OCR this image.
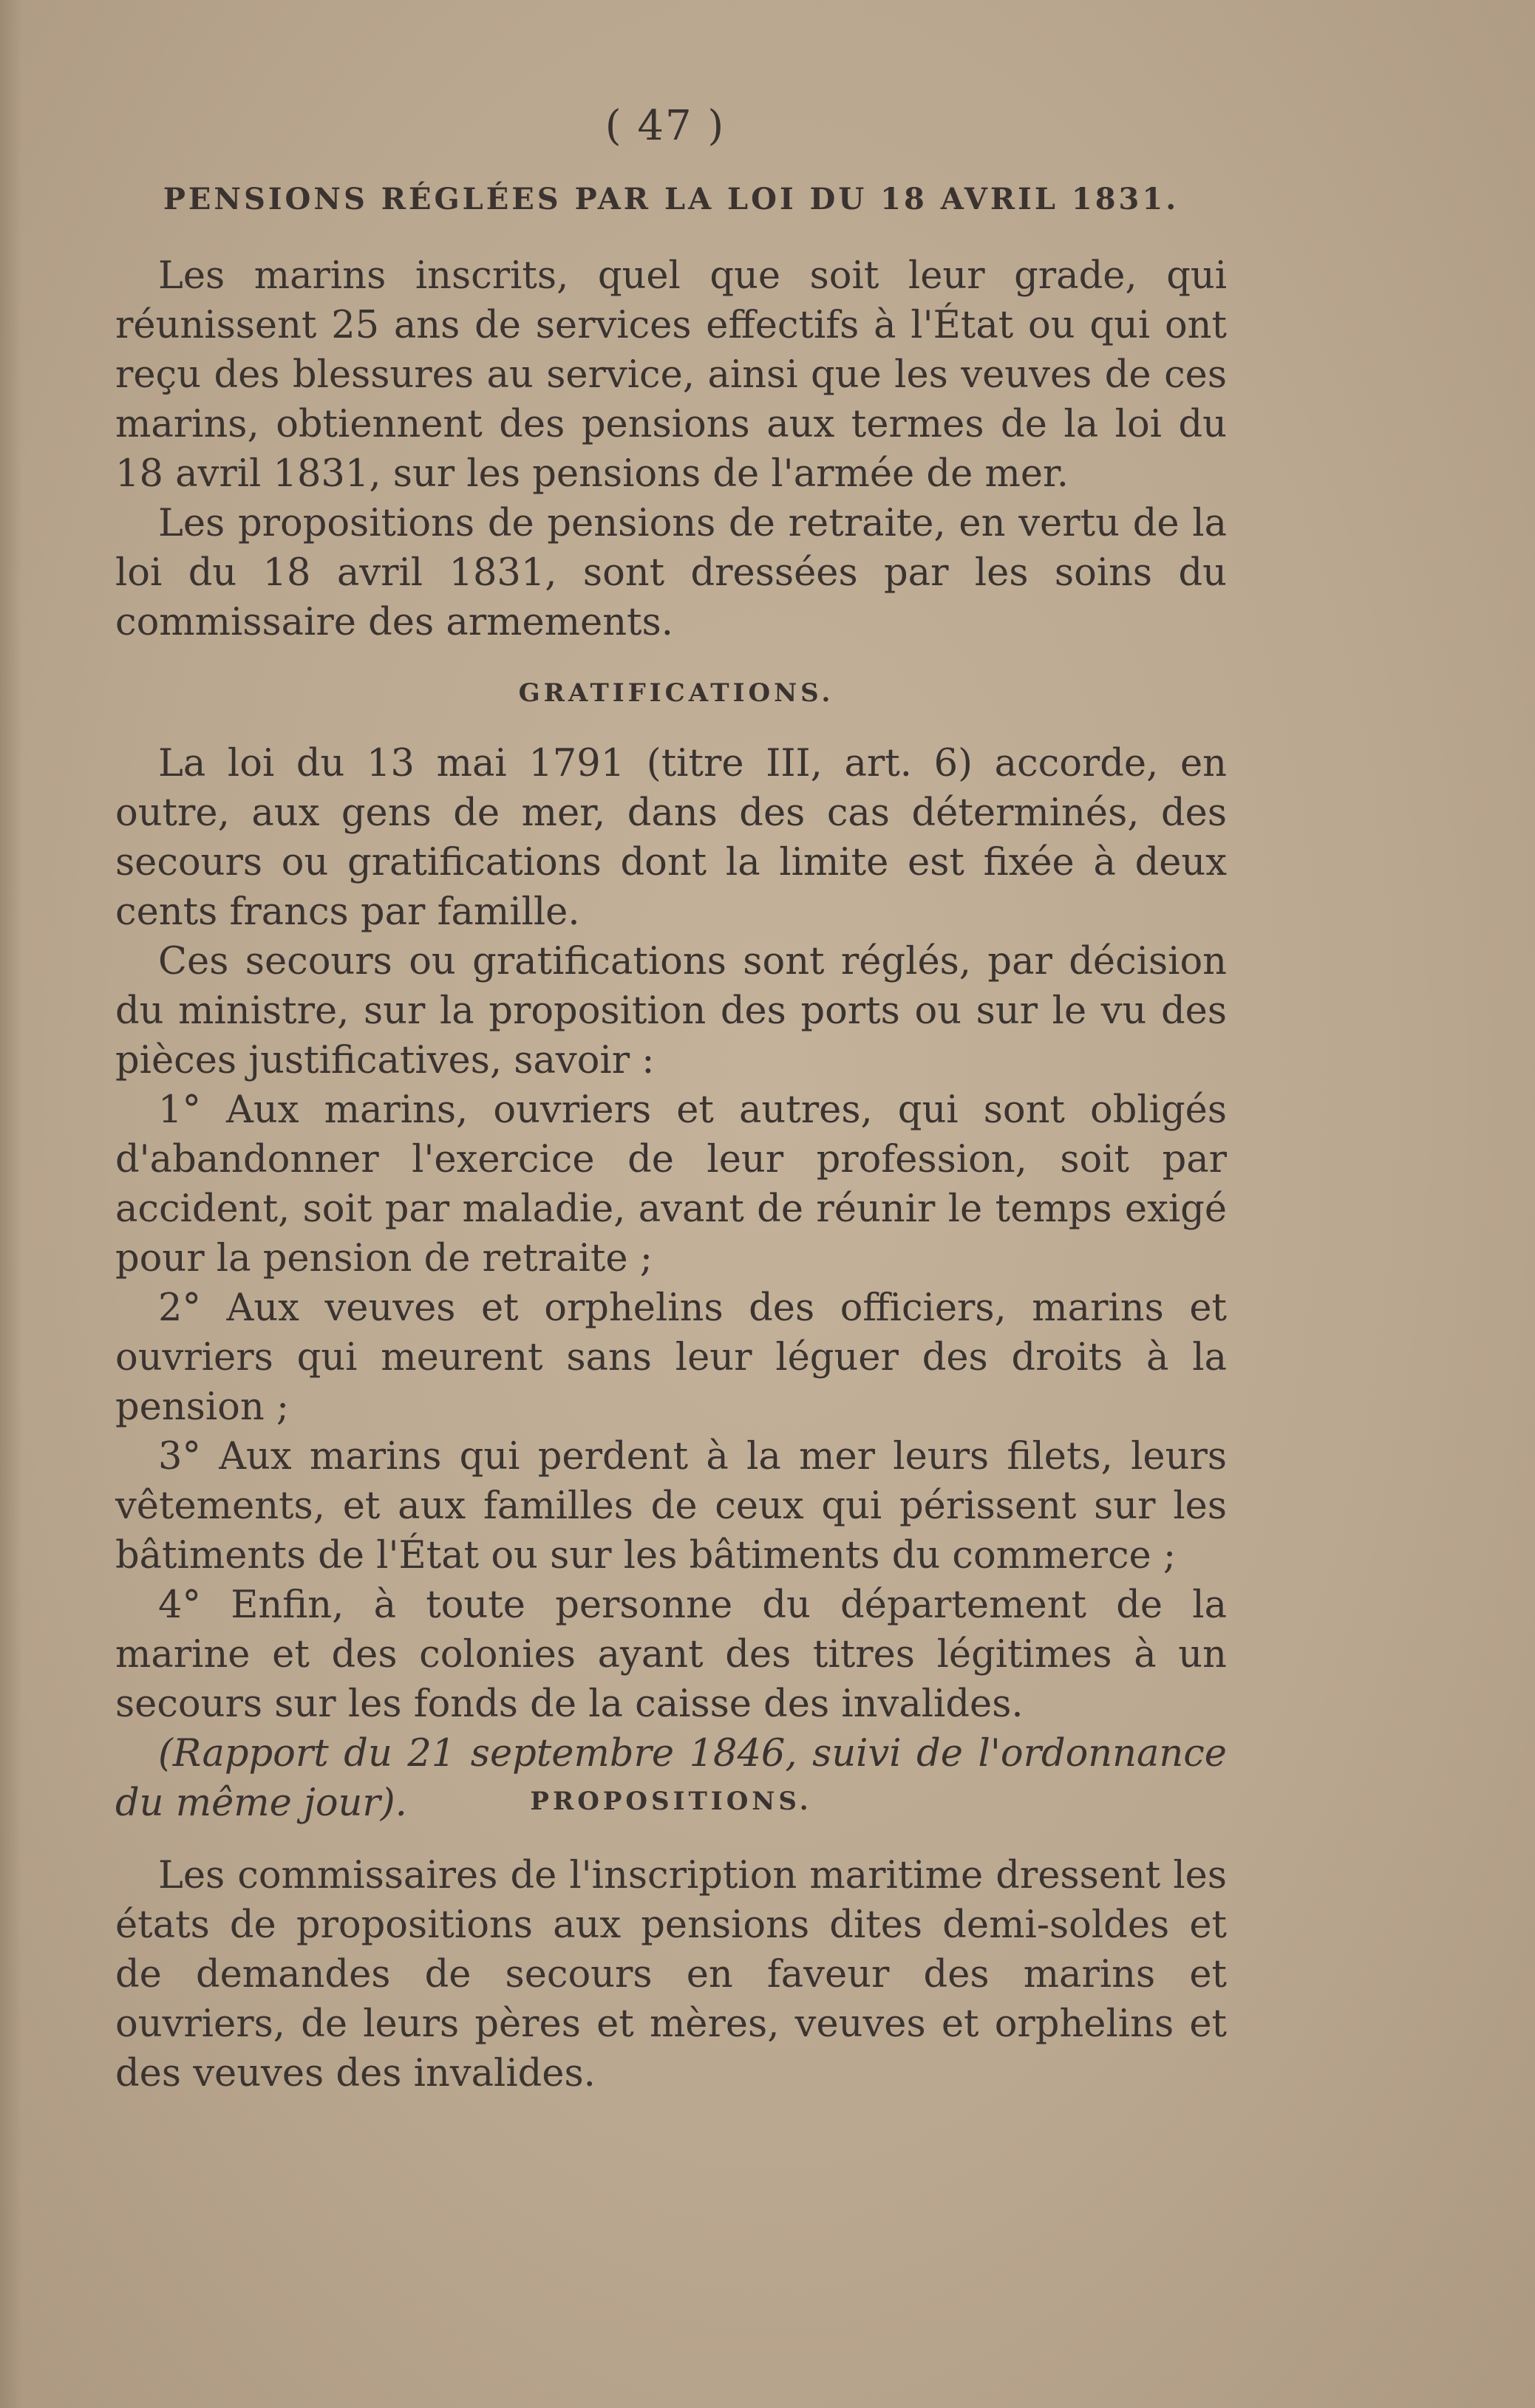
( 47 )
PENSIONS RÉGLÉES PAR LA LOI DU 18 AVRIL 1831.

Les marins inscrits, quel que soit leur grade, qui réunissent 25 ans de services effectifs à l'État ou qui ont reçu des blessures au service, ainsi que les veuves de ces marins, obtiennent des pensions aux termes de la loi du 18 avril 1831, sur les pensions de l'armée de mer.

Les propositions de pensions de retraite, en vertu de la loi du 18 avril 1831, sont dressées par les soins du commissaire des armements.

GRATIFICATIONS.

La loi du 13 mai 1791 (titre III, art. 6) accorde, en outre, aux gens de mer, dans des cas déterminés, des secours ou gratifications dont la limite est fixée à deux cents francs par famille.

Ces secours ou gratifications sont réglés, par décision du ministre, sur la proposition des ports ou sur le vu des pièces justificatives, savoir :

1° Aux marins, ouvriers et autres, qui sont obligés d'abandonner l'exercice de leur profession, soit par accident, soit par maladie, avant de réunir le temps exigé pour la pension de retraite ;

2° Aux veuves et orphelins des officiers, marins et ouvriers qui meurent sans leur léguer des droits à la pension ;

3° Aux marins qui perdent à la mer leurs filets, leurs vêtements, et aux familles de ceux qui périssent sur les bâtiments de l'État ou sur les bâtiments du commerce ;

4° Enfin, à toute personne du département de la marine et des colonies ayant des titres légitimes à un secours sur les fonds de la caisse des invalides.

(Rapport du 21 septembre 1846, suivi de l'ordonnance du même jour).	PROPOSITIONS.

Les commissaires de l'inscription maritime dressent les états de propositions aux pensions dites demi-soldes et de demandes de secours en faveur des marins et ouvriers, de leurs pères et mères, veuves et orphelins et des veuves des invalides.
